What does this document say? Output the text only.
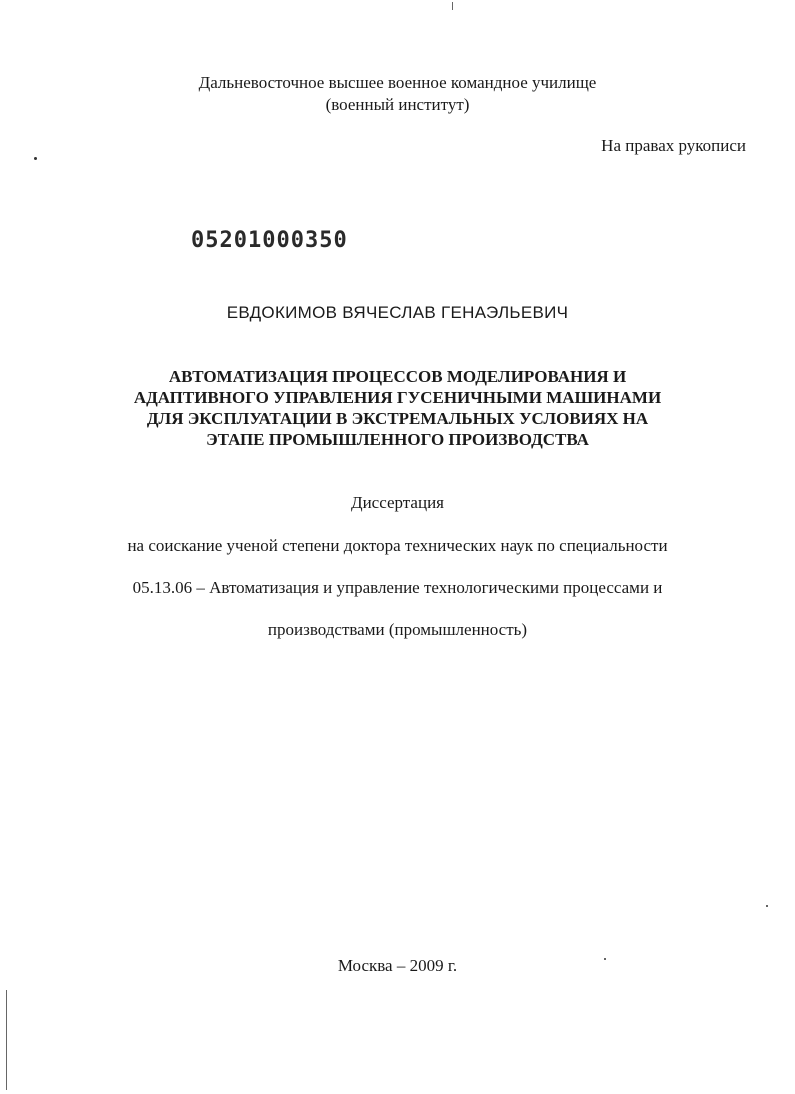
Дальневосточное высшее военное командное училище
(военный институт)
На правах рукописи
05201000350
ЕВДОКИМОВ ВЯЧЕСЛАВ ГЕНАЭЛЬЕВИЧ
АВТОМАТИЗАЦИЯ ПРОЦЕССОВ МОДЕЛИРОВАНИЯ И
АДАПТИВНОГО УПРАВЛЕНИЯ ГУСЕНИЧНЫМИ МАШИНАМИ
ДЛЯ ЭКСПЛУАТАЦИИ В ЭКСТРЕМАЛЬНЫХ УСЛОВИЯХ НА
ЭТАПЕ ПРОМЫШЛЕННОГО ПРОИЗВОДСТВА
Диссертация
на соискание ученой степени доктора технических наук по специальности
05.13.06 – Автоматизация и управление технологическими процессами и
производствами (промышленность)
Москва – 2009 г.
